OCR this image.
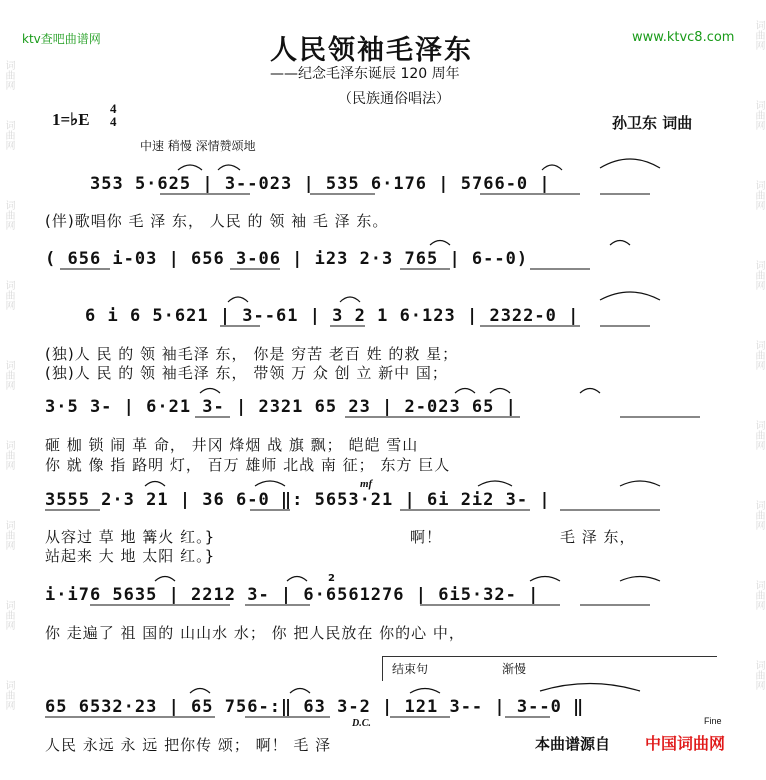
词曲网
词曲网
词曲网
词曲网
词曲网
词曲网
词曲网
词曲网
词曲网
词曲网
词曲网
词曲网
词曲网
词曲网
词曲网
词曲网
词曲网
词曲网
ktv查吧曲谱网	www.ktvc8.com
人民领袖毛泽东
——纪念毛泽东诞辰 120 周年
（民族通俗唱法）
1=♭E
4
4	孙卫东 词曲
中速 稍慢 深情赞颂地
353 5·625 | 3--023 | 535 6·176 | 5766-0 |
(伴)歌唱你 毛 泽 东， 人民 的 领 袖 毛 泽 东。
( 656 i-03 | 656 3-06 | i23 2·3 765 | 6--0)
6 i 6 5·621 | 3--61 | 3 2 1 6·123 | 2322-0 |
(独)人 民 的 领 袖毛泽 东， 你是 穷苦 老百 姓 的救 星；
(独)人 民 的 领 袖毛泽 东， 带领 万 众 创 立 新中 国；
3·5 3- | 6·21 3- | 2321 65 23 | 2-023 65 |
砸 枷 锁 闹 革 命， 井冈 烽烟 战 旗 飘； 皑皑 雪山
你 就 像 指 路明 灯， 百万 雄师 北战 南 征； 东方 巨人
mf
3555 2·3 21 | 36 6-0 ‖: 5653·21 | 6i 2i2 3- |
从容过 草 地 篝火 红。}
站起来 大 地 太阳 红。}
啊！	毛 泽 东，
2
i·i76 5635 | 2212 3- | 6·6561276 | 6i5·32- |
你 走遍了 祖 国的 山山水 水； 你 把人民放在 你的心 中，
结束句	渐慢
65 6532·23 | 65 756-:‖ 63 3-2 | 121 3-- | 3--0 ‖
D.C.	Fine
人民 永远 永 远 把你传 颂； 啊！ 毛 泽	本曲谱源自 中国词曲网
